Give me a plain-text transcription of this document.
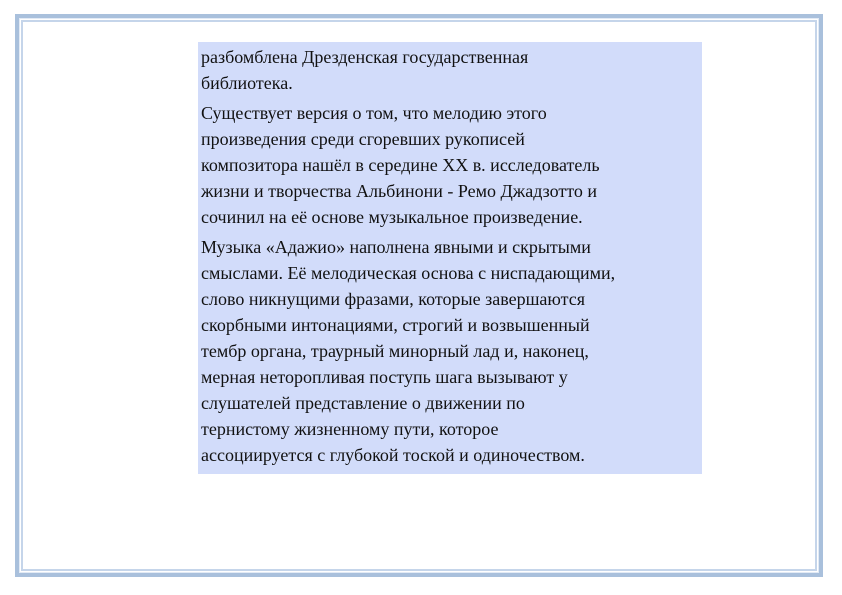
разбомблена Дрезденская государственная
библиотека.

Существует версия о том, что мелодию этого
произведения среди сгоревших рукописей
композитора нашёл в середине XX в. исследователь
жизни и творчества Альбинони - Ремо Джадзотто и
сочинил на её основе музыкальное произведение.

Музыка «Адажио» наполнена явными и скрытыми
смыслами. Её мелодическая основа с ниспадающими,
слово никнущими фразами, которые завершаются
скорбными интонациями, строгий и возвышенный
тембр органа, траурный минорный лад и, наконец,
мерная неторопливая поступь шага вызывают у
слушателей представление о движении по
тернистому жизненному пути, которое
ассоциируется с глубокой тоской и одиночеством.
